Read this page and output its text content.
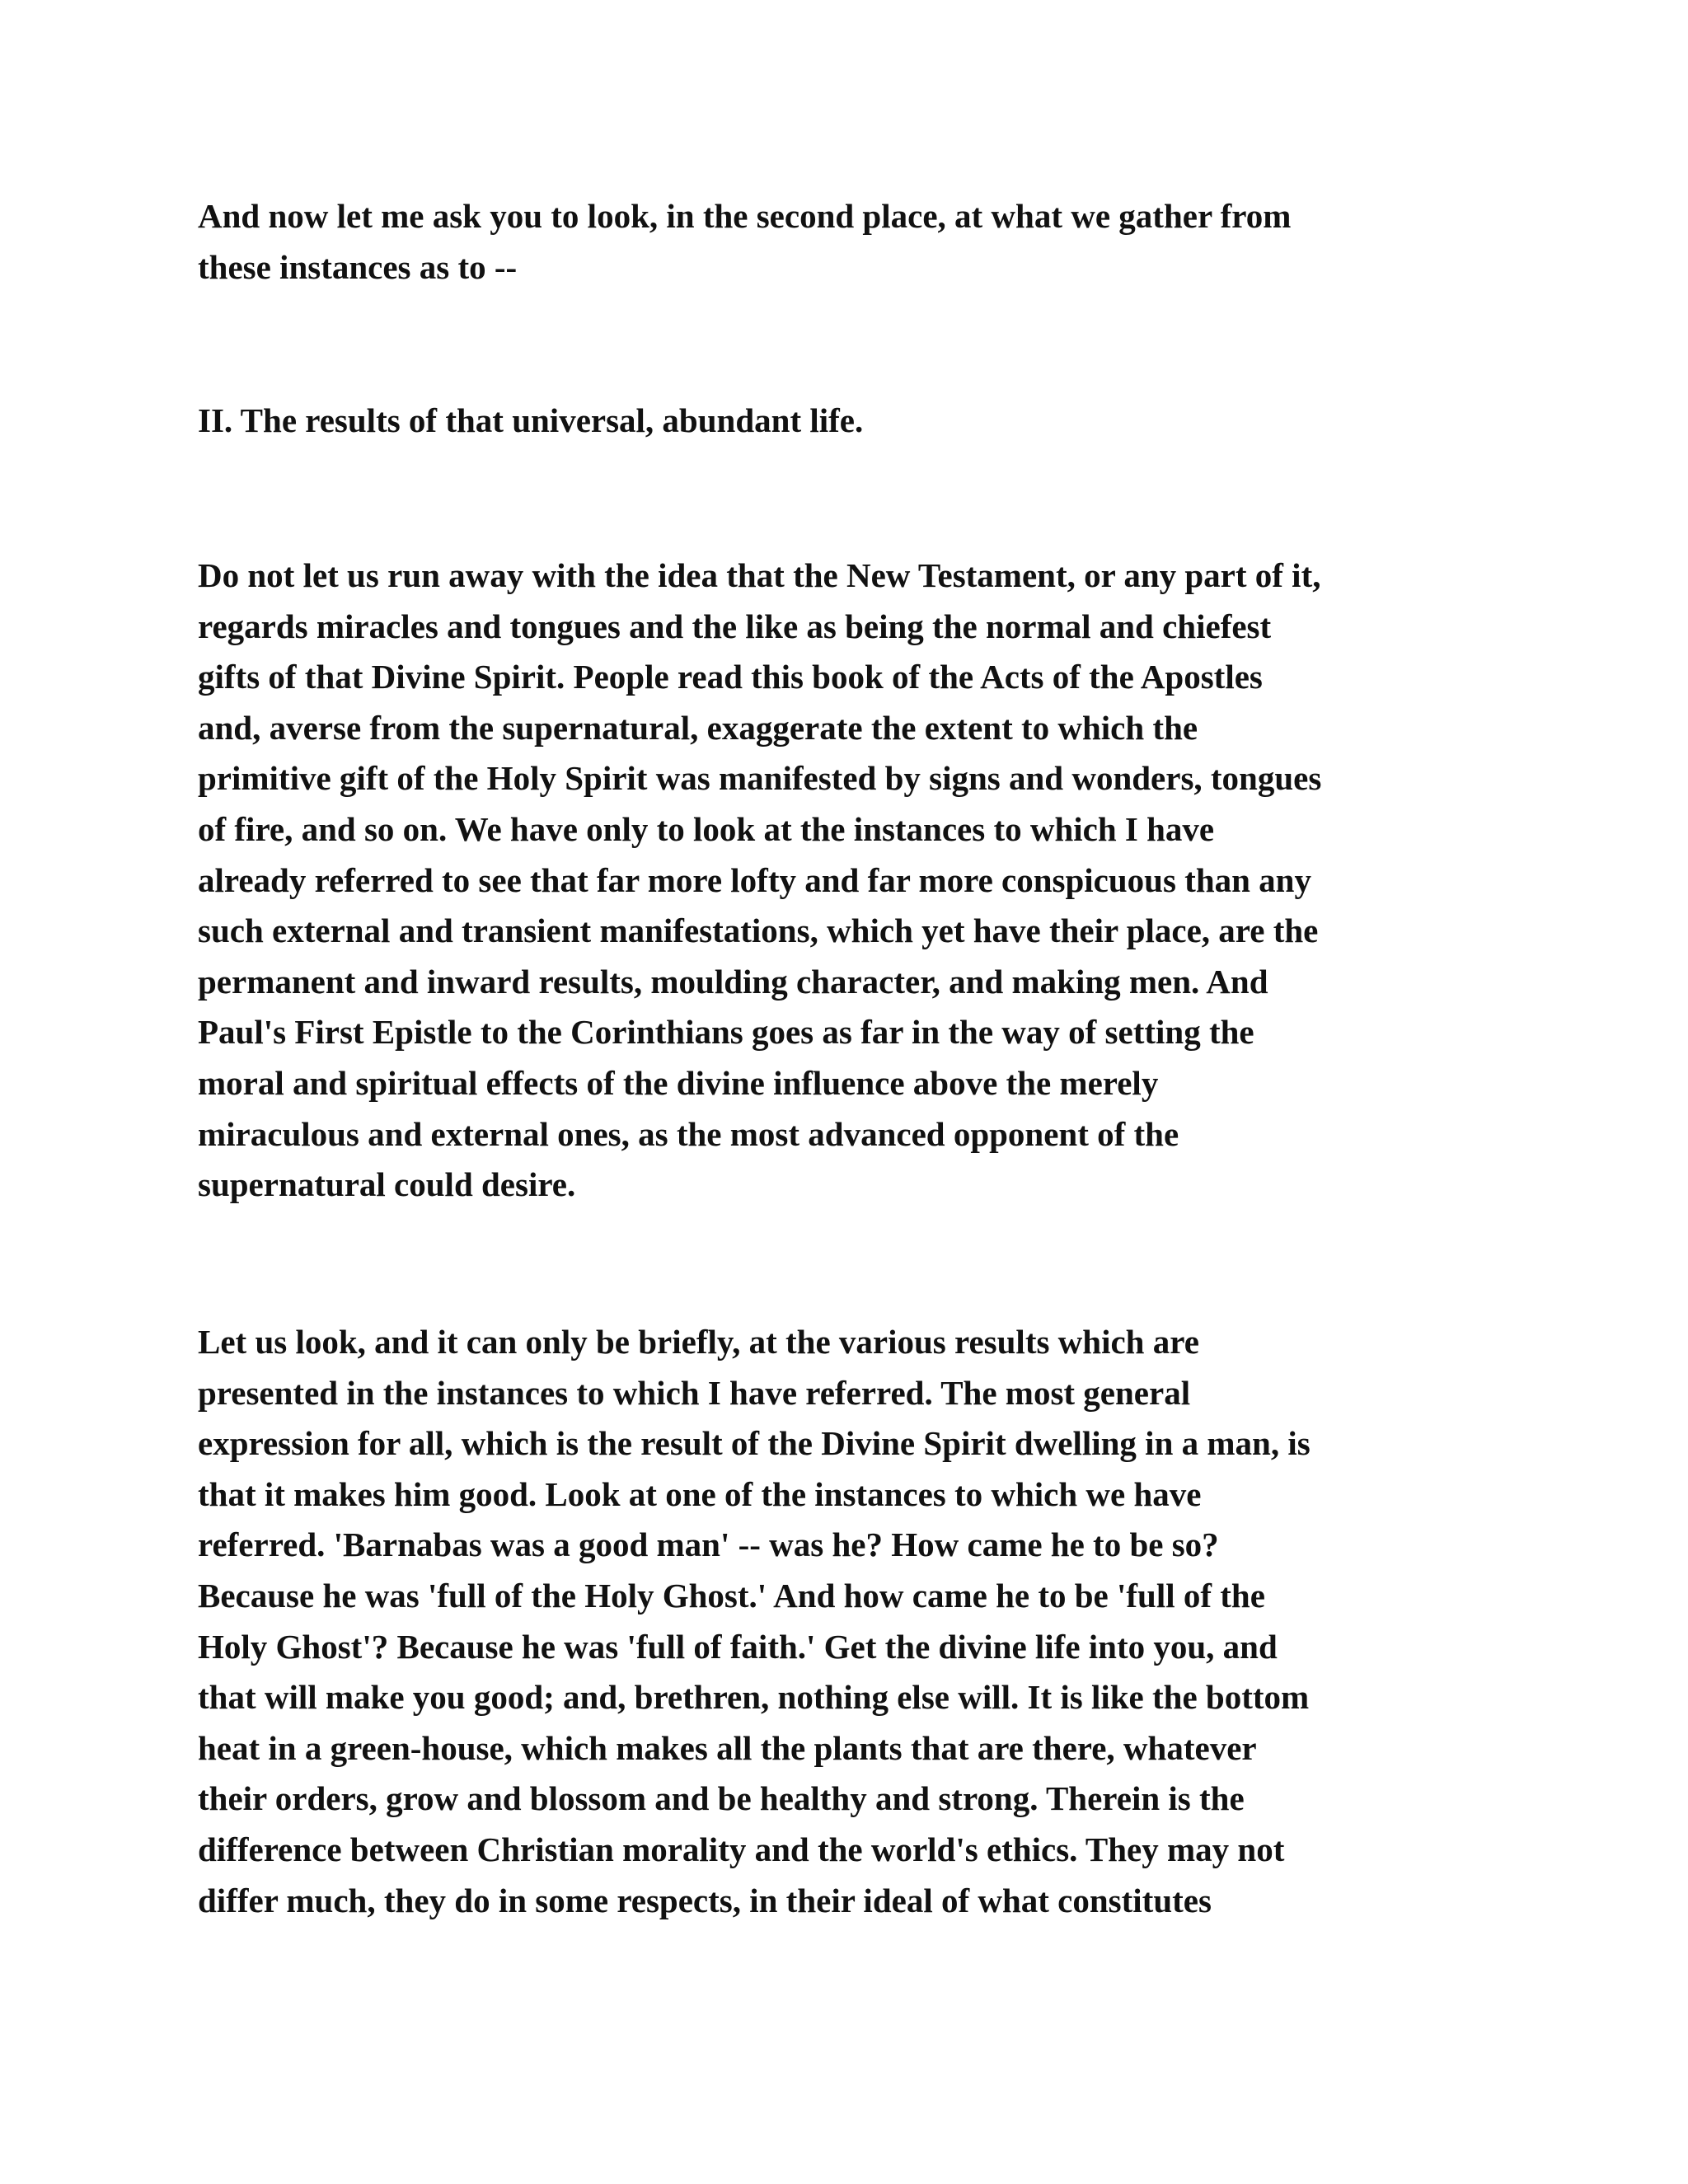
And now let me ask you to look, in the second place, at what we gather from
these instances as to --

II. The results of that universal, abundant life.

Do not let us run away with the idea that the New Testament, or any part of it,
regards miracles and tongues and the like as being the normal and chiefest
gifts of that Divine Spirit. People read this book of the Acts of the Apostles
and, averse from the supernatural, exaggerate the extent to which the
primitive gift of the Holy Spirit was manifested by signs and wonders, tongues
of fire, and so on. We have only to look at the instances to which I have
already referred to see that far more lofty and far more conspicuous than any
such external and transient manifestations, which yet have their place, are the
permanent and inward results, moulding character, and making men. And
Paul's First Epistle to the Corinthians goes as far in the way of setting the
moral and spiritual effects of the divine influence above the merely
miraculous and external ones, as the most advanced opponent of the
supernatural could desire.

Let us look, and it can only be briefly, at the various results which are
presented in the instances to which I have referred. The most general
expression for all, which is the result of the Divine Spirit dwelling in a man, is
that it makes him good. Look at one of the instances to which we have
referred. 'Barnabas was a good man' -- was he? How came he to be so?
Because he was 'full of the Holy Ghost.' And how came he to be 'full of the
Holy Ghost'? Because he was 'full of faith.' Get the divine life into you, and
that will make you good; and, brethren, nothing else will. It is like the bottom
heat in a green-house, which makes all the plants that are there, whatever
their orders, grow and blossom and be healthy and strong. Therein is the
difference between Christian morality and the world's ethics. They may not
differ much, they do in some respects, in their ideal of what constitutes
